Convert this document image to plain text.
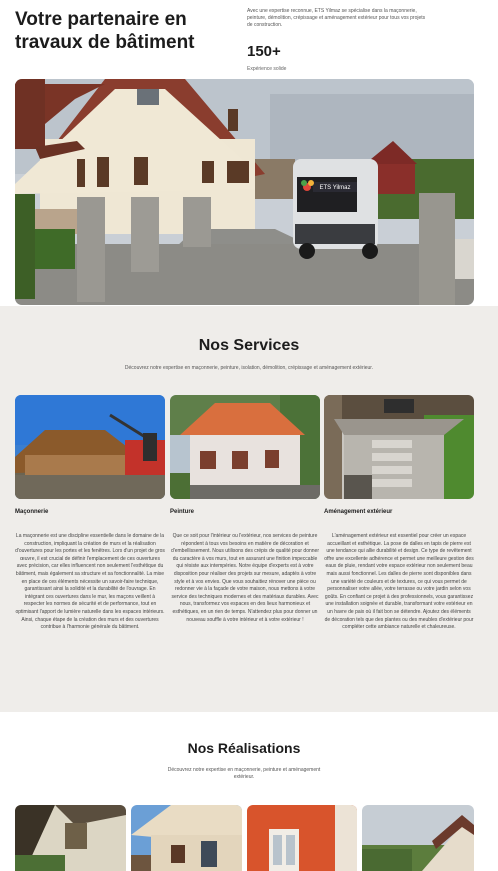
Votre partenaire en travaux de bâtiment
Avec une expertise reconnue, ETS Yilmaz se spécialise dans la maçonnerie, peinture, démolition, crépissage et aménagement extérieur pour tous vos projets de construction.
150+
Expérience solide
ETS Yilmaz
Nos Services
Découvrez notre expertise en maçonnerie, peinture, isolation, démolition, crépissage et aménagement extérieur.
Maçonnerie	Peinture	Aménagement extérieur
La maçonnerie est une discipline essentielle dans le domaine de la construction, impliquant la création de murs et la réalisation d'ouvertures pour les portes et les fenêtres. Lors d'un projet de gros œuvre, il est crucial de définir l'emplacement de ces ouvertures avec précision, car elles influencent non seulement l'esthétique du bâtiment, mais également sa structure et sa fonctionnalité. La mise en place de ces éléments nécessite un savoir-faire technique, garantissant ainsi la solidité et la durabilité de l'ouvrage. En intégrant ces ouvertures dans le mur, les maçons veillent à respecter les normes de sécurité et de performance, tout en optimisant l'apport de lumière naturelle dans les espaces intérieurs. Ainsi, chaque étape de la création des murs et des ouvertures contribue à l'harmonie générale du bâtiment.
Que ce soit pour l'intérieur ou l'extérieur, nos services de peinture répondent à tous vos besoins en matière de décoration et d'embellissement. Nous utilisons des crépis de qualité pour donner du caractère à vos murs, tout en assurant une finition impeccable qui résiste aux intempéries. Notre équipe d'experts est à votre disposition pour réaliser des projets sur mesure, adaptés à votre style et à vos envies. Que vous souhaitiez rénover une pièce ou redonner vie à la façade de votre maison, nous mettons à votre service des techniques modernes et des matériaux durables. Avec nous, transformez vos espaces en des lieux harmonieux et esthétiques, en un rien de temps. N'attendez plus pour donner un nouveau souffle à votre intérieur et à votre extérieur !
L'aménagement extérieur est essentiel pour créer un espace accueillant et esthétique. La pose de dalles en tapis de pierre est une tendance qui allie durabilité et design. Ce type de revêtement offre une excellente adhérence et permet une meilleure gestion des eaux de pluie, rendant votre espace extérieur non seulement beau mais aussi fonctionnel. Les dalles de pierre sont disponibles dans une variété de couleurs et de textures, ce qui vous permet de personnaliser votre allée, votre terrasse ou votre jardin selon vos goûts. En confiant ce projet à des professionnels, vous garantissez une installation soignée et durable, transformant votre extérieur en un havre de paix où il fait bon se détendre. Ajoutez des éléments de décoration tels que des plantes ou des meubles d'extérieur pour compléter cette ambiance naturelle et chaleureuse.
Nos Réalisations
Découvrez notre expertise en maçonnerie, peinture et aménagement extérieur.
